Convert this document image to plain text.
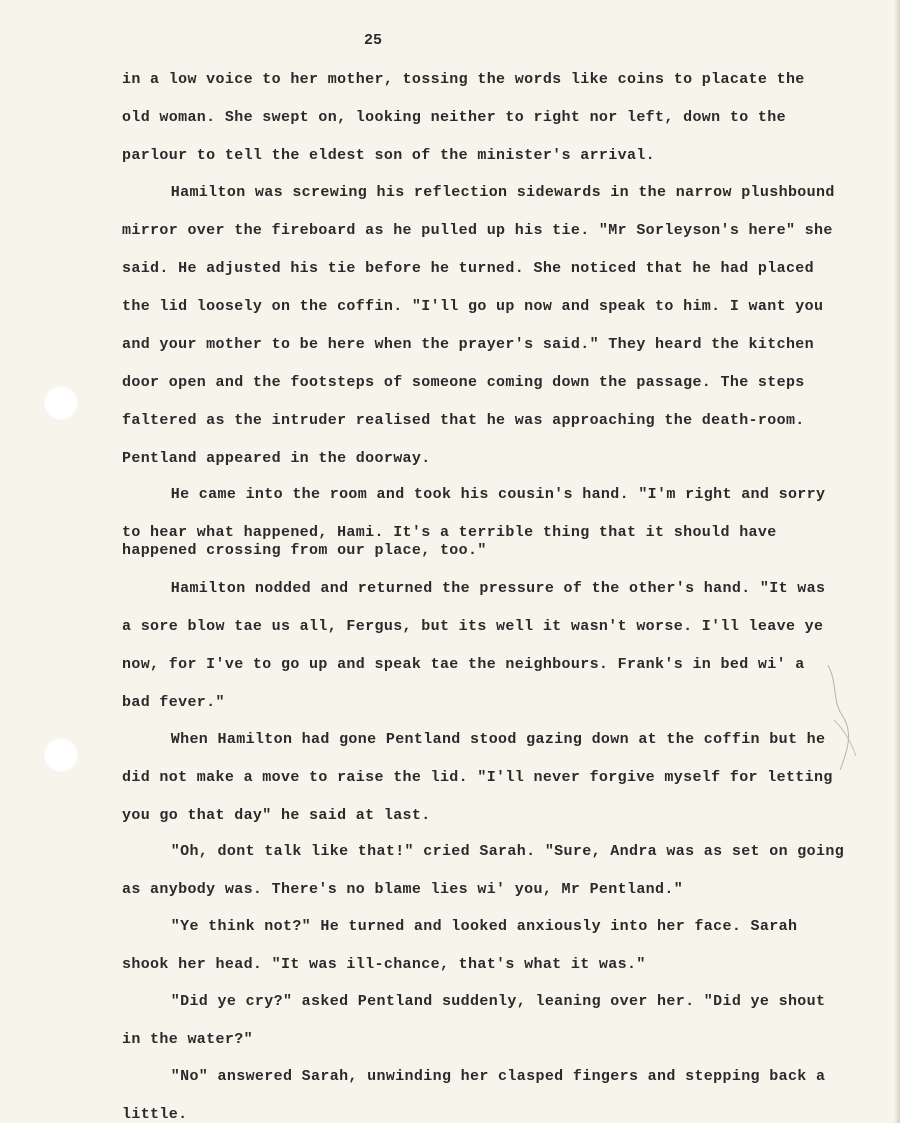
25
in a low voice to her mother, tossing the words like coins to placate the
old woman. She swept on, looking neither to right nor left, down to the
parlour to tell the eldest son of the minister's arrival.
Hamilton was screwing his reflection sidewards in the narrow plushbound
mirror over the fireboard as he pulled up his tie. "Mr Sorleyson's here" she
said. He adjusted his tie before he turned. She noticed that he had placed
the lid loosely on the coffin. "I'll go up now and speak to him. I want you
and your mother to be here when the prayer's said." They heard the kitchen
door open and the footsteps of someone coming down the passage. The steps
faltered as the intruder realised that he was approaching the death-room.
Pentland appeared in the doorway.
He came into the room and took his cousin's hand. "I'm right and sorry
to hear what happened, Hami. It's a terrible thing that it should have
happened crossing from our place, too."
Hamilton nodded and returned the pressure of the other's hand. "It was
a sore blow tae us all, Fergus, but its well it wasn't worse. I'll leave ye
now, for I've to go up and speak tae the neighbours. Frank's in bed wi' a
bad fever."
When Hamilton had gone Pentland stood gazing down at the coffin but he
did not make a move to raise the lid. "I'll never forgive myself for letting
you go that day" he said at last.
"Oh, dont talk like that!" cried Sarah. "Sure, Andra was as set on going
as anybody was. There's no blame lies wi' you, Mr Pentland."
"Ye think not?" He turned and looked anxiously into her face. Sarah
shook her head. "It was ill-chance, that's what it was."
"Did ye cry?" asked Pentland suddenly, leaning over her. "Did ye shout
in the water?"
"No" answered Sarah, unwinding her clasped fingers and stepping back a
little.
